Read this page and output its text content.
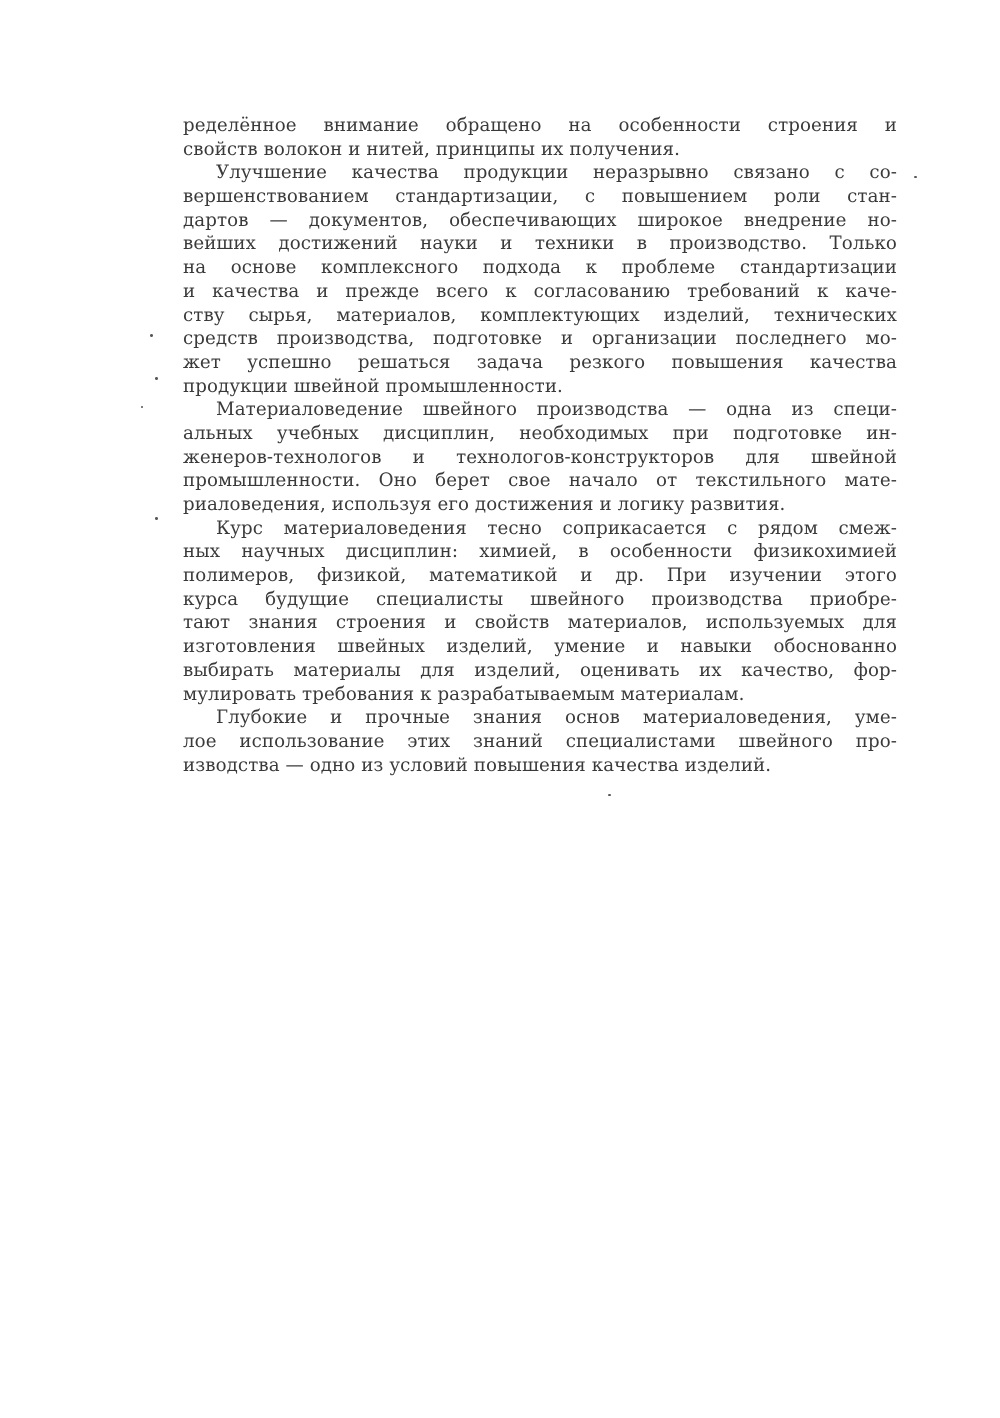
ределённое внимание обращено на особенности строения и
свойств волокон и нитей, принципы их получения.
Улучшение качества продукции неразрывно связано с со-
вершенствованием стандартизации, с повышением роли стан-
дартов — документов, обеспечивающих широкое внедрение но-
вейших достижений науки и техники в производство. Только
на основе комплексного подхода к проблеме стандартизации
и качества и прежде всего к согласованию требований к каче-
ству сырья, материалов, комплектующих изделий, технических
средств производства, подготовке и организации последнего мо-
жет успешно решаться задача резкого повышения качества
продукции швейной промышленности.
Материаловедение швейного производства — одна из специ-
альных учебных дисциплин, необходимых при подготовке ин-
женеров-технологов и технологов-конструкторов для швейной
промышленности. Оно берет свое начало от текстильного мате-
риаловедения, используя его достижения и логику развития.
Курс материаловедения тесно соприкасается с рядом смеж-
ных научных дисциплин: химией, в особенности физикохимией
полимеров, физикой, математикой и др. При изучении этого
курса будущие специалисты швейного производства приобре-
тают знания строения и свойств материалов, используемых для
изготовления швейных изделий, умение и навыки обоснованно
выбирать материалы для изделий, оценивать их качество, фор-
мулировать требования к разрабатываемым материалам.
Глубокие и прочные знания основ материаловедения, уме-
лое использование этих знаний специалистами швейного про-
изводства — одно из условий повышения качества изделий.
